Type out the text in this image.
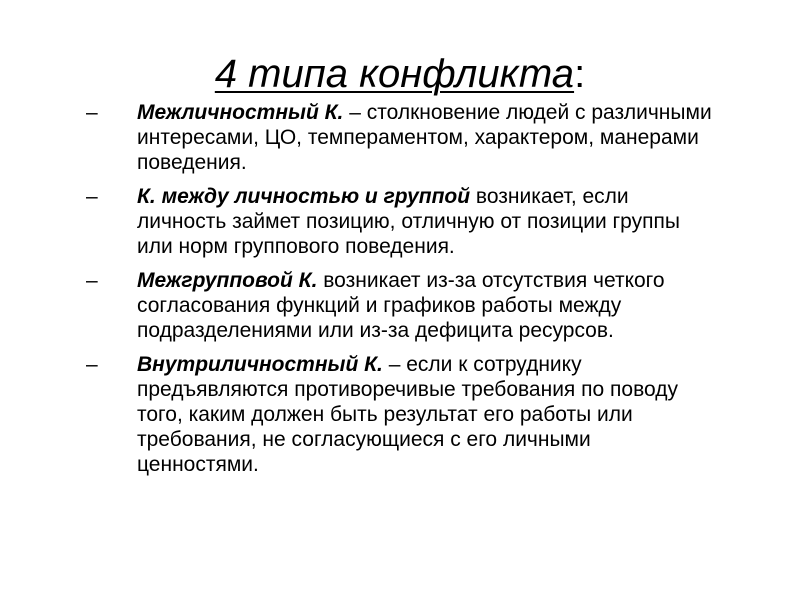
4 типа конфликта:
– Межличностный К. – столкновение людей с различными интересами, ЦО, темпераментом, характером, манерами поведения.
– К. между личностью и группой возникает, если личность займет позицию, отличную от позиции группы или норм группового поведения.
– Межгрупповой К. возникает из-за отсутствия четкого согласования функций и графиков работы между подразделениями или из-за дефицита ресурсов.
– Внутриличностный К. – если к сотруднику предъявляются противоречивые требования по поводу того, каким должен быть результат его работы или требования, не согласующиеся с его личными ценностями.
